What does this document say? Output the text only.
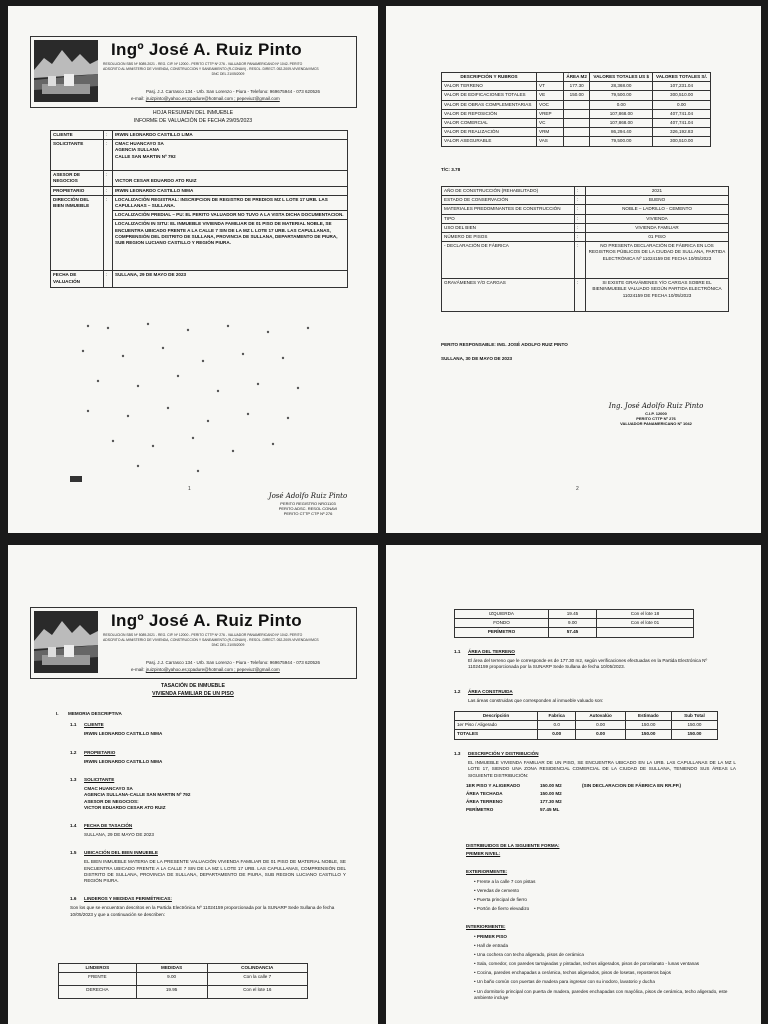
Ingº José A. Ruiz Pinto
RESOLUCION SBS Nº 5089-2021 - REG. CIP. Nº 12000 - PERITO CTTP Nº 276 - VALUADOR PANAMERICANO Nº 1042- PERITO
ADSCRITO AL MINISTERIO DE VIVIENDA, CONSTRUCCION Y SANEAMIENTO (R-CONAVI) - RESOL. DIRECT. 052-2009-VIVIENDA/VMCS
DNC DEL 21/05/2009
Pasj. J.J. Carrasco 134 - Urb. San Lorenzo - Piura - Telefono: 969675944 - 073 620526
e-mail: jruizpinto@yahoo.es;cpadure@hotmail.com ; pepeviuz@gmail.com
HOJA RESUMEN DEL INMUEBLE
INFORME DE VALUACIÓN DE FECHA 29/05/2023
CLIENTE	:	IRWIN LEONARDO CASTILLO LIMA
SOLICITANTE	:	CMAC HUANCAYO SA
AGENCIA SULLANA
CALLE SAN MARTIN Nº 792
ASESOR DE NEGOCIOS	:	VICTOR CESAR EDUARDO ATO RUIZ
PROPIETARIO	:	IRWIN LEONARDO CASTILLO NIMA
DIRECCIÓN DEL BIEN INMUEBLE	:	LOCALIZACIÓN REGISTRAL: INSCRIPCION DE REGISTRO DE PREDIOS MZ L LOTE 17 URB. LAS CAPULLANAS – SULLANA.
		LOCALIZACIÓN PREDIAL – PU: EL PERITO VALUADOR NO TUVO A LA VISTA DICHA DOCUMENTACION.
		LOCALIZACIÓN IN SITU: EL INMUEBLE VIVIENDA FAMILIAR DE 01 PISO DE MATERIAL NOBLE, SE ENCUENTRA UBICADO FRENTE A LA CALLE 7 SIN DE LA MZ L LOTE 17 URB. LAS CAPULLANAS, COMPRENSIÓN DEL DISTRITO DE SULLANA, PROVINCIA DE SULLANA, DEPARTAMENTO DE PIURA, SUB REGION LUCIANO CASTILLO Y REGIÓN PIURA.
FECHA DE VALUACIÓN	:	SULLANA, 29 DE MAYO DE 2023
1
José Adolfo Ruiz Pinto
PERITO REGISTRO NRO1103
PERITO ADSC. RESOL CONAVI
PERITO CTTP CTP Nº 276
DESCRIPCIÓN Y RUBROS		ÁREA M2	VALORES TOTALES US $	VALORES TOTALES S/.
VALOR TERRENO	VT	177.30	28,368.00	107,231.04
VALOR DE EDIFICACIONES TOTALES	VE	150.00	79,500.00	300,510.00
VALOR DE OBRAS COMPLEMENTARIAS	VOC		0.00	0.00
VALOR DE REPOSICIÓN	VREP		107,868.00	407,741.04
VALOR COMERCIAL	VC		107,868.00	407,741.04
VALOR DE REALIZACIÓN	VRM		86,294.40	326,192.83
VALOR ASEGURABLE	VAS		79,500.00	300,510.00
T/C: 3.78
AÑO DE CONSTRUCCIÓN (REHABILITADO)	:	2021
ESTADO DE CONSERVACIÓN	:	BUENO
MATERIALES PREDOMINANTES DE CONSTRUCCIÓN	:	NOBLE – LADRILLO - CEMENTO
TIPO	:	VIVIENDA
USO DEL BIEN	:	VIVIENDA FAMILIAR
NÚMERO DE PISOS	:	01 PISO
- DECLARACIÓN DE FÁBRICA	:	NO PRESENTA DECLARACIÓN DE FÁBRICA EN LOS REGISTROS PÚBLICOS DE LA CIUDAD DE SULLANA, PARTIDA ELECTRÓNICA Nº 11024159 DE FECHA 10/05/2023
GRAVÁMENES Y/O CARGAS	:	SI EXISTE GRAVÁMENES Y/O CARGAS SOBRE EL BIENINMUEBLE VALUADO SEGÚN PARTIDA ELECTRÓNICA 11024159 DE FECHA 10/05/2023
PERITO RESPONSABLE: ING. JOSÉ ADOLFO RUIZ PINTO
SULLANA, 30 DE MAYO DE 2023
Ing. José Adolfo Ruiz Pinto
C.I.P. 12000
PERITO CTTP Nº 276
VALUADOR PANAMERICANO Nº 1042
2
Ingº José A. Ruiz Pinto
RESOLUCION SBS Nº 5089-2021 - REG. CIP. Nº 12000 - PERITO CTTP Nº 276 - VALUADOR PANAMERICANO Nº 1042- PERITO
ADSCRITO AL MINISTERIO DE VIVIENDA, CONSTRUCCION Y SANEAMIENTO (R-CONAVI) - RESOL. DIRECT. 052-2009-VIVIENDA/VMCS
DNC DEL 21/05/2009
Pasj. J.J. Carrasco 134 - Urb. San Lorenzo - Piura - Telefono: 969675944 - 073 620526
e-mail: jruizpinto@yahoo.es;cpadure@hotmail.com ; pepeviuz@gmail.com
TASACIÓN DE INMUEBLE
VIVIENDA FAMILIAR DE UN PISO
I. MEMORIA DESCRIPTIVA
1.1 CLIENTE
IRWIN LEONARDO CASTILLO NIMA
1.2 PROPIETARIO
IRWIN LEONARDO CASTILLO NIMA
1.3 SOLICITANTE
CMAC HUANCAYO SA
AGENCIA SULLANA-CALLE SAN MARTIN Nº 792
ASESOR DE NEGOCIOS:
VICTOR EDUARDO CESAR ATO RUIZ
1.4 FECHA DE TASACIÓN
SULLANA, 29 DE MAYO DE 2023
1.5 UBICACIÓN DEL BIEN INMUEBLE
EL BIEN INMUEBLE MATERIA DE LA PRESENTE VALUACIÓN VIVIENDA FAMILIAR DE 01 PISO DE MATERIAL NOBLE, SE ENCUENTRA UBICADO FRENTE A LA CALLE 7 SIN DE LA MZ L LOTE 17 URB. LAS CAPULLANAS, COMPRENSIÓN DEL DISTRITO DE SULLANA, PROVINCIA DE SULLANA, DEPARTAMENTO DE PIURA, SUB REGION LUCIANO CASTILLO Y REGIÓN PIURA.
1.6 LINDEROS Y MEDIDAS PERIMÉTRICAS:
Son los que se encuentran descritos en la Partida Electrónica Nº 11024159 proporcionada por la SUNARP Sede Sullana de fecha 10/05/2023 y que a continuación se describen:
LINDEROS	MEDIDAS	COLINDANCIA
FRENTE	9.00	Con la calle 7
DERECHA	19.95	Con el lote 16
IZQUIERDA	19.45	Con el lote 18
FONDO	9.00	Con el lote 01
PERÍMETRO	57.45	
1.1 ÁREA DEL TERRENO
El área del terreno que le corresponde es de 177.30 m2, según verificaciones efectuadas en la Partida Electrónica Nº 11024159 proporcionada por la SUNARP Sede Sullana de fecha 10/05/2023.
1.2 ÁREA CONSTRUIDA
Las áreas construidas que corresponden al inmueble valuado son:
Descripción	Fabrica	Autovalúo	Estimado	Sub Total
1er Piso / Aligerado	0.0	0.00	150.00	150.00
TOTALES	0.00	0.00	150.00	150.00
1.3 DESCRIPCIÓN Y DISTRIBUCIÓN
EL INMUEBLE VIVIENDA FAMILIAR DE UN PISO, SE ENCUENTRA UBICADO EN LA URB. LAS CAPULLANAS DE LA MZ L LOTE 17, SIENDO UNA ZONA RESIDENCIAL COMERCIAL DE LA CIUDAD DE SULLANA, TENIENDO SUS ÁREAS LA SIGUIENTE DISTRIBUCIÓN:
1ER PISO Y ALIGERADO	150.00 M2	(SIN DECLARACION DE FÁBRICA EN RR.PP.)
ÁREA TECHADA	150.00 M2	
ÁREA TERRENO	177.30 M2	
PERÍMETRO	57.45 ML	
DISTRIBUIDOS DE LA SIGUIENTE FORMA:
PRIMER NIVEL:
EXTERIORMENTE:
• Frente a la calle 7 con pistas
• Veredas de cemento
• Puerta principal de fierro
• Portón de fierro elevadizo
INTERIORMENTE:
• PRIMER PISO
• Hall de entrada
• Una cochera con techo aligerado, pisos de cerámica
• Sala, comedor, con paredes tarrajeadas y pintadas, techos aligerados, pisos de porcelanato - lunas ventanas
• Cocina, paredes enchapadas a cerámica, techos aligerados, pisos de losetas, reposteros bajos
• Un baño común con puertas de madera para ingresar con su inodoro, lavatorio y ducha
• Un dormitorio principal con puerta de madera, paredes enchapadas con mayólica, pisos de cerámica, techo aligerado, este ambiente incluye
